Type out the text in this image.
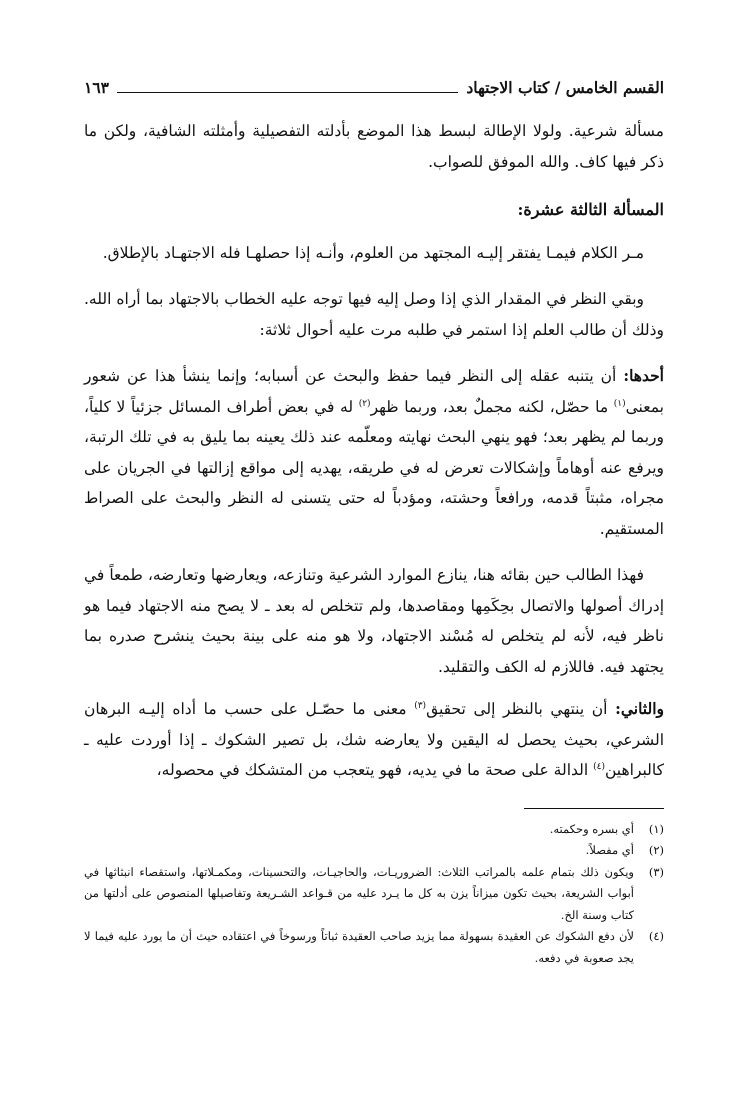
القسم الخامس / كتاب الاجتهاد
١٦٣

مسألة شرعية. ولولا الإطالة لبسط هذا الموضع بأدلته التفصيلية وأمثلته الشافية، ولكن ما ذكر فيها كاف. والله الموفق للصواب.

المسألة الثالثة عشرة:

مـر الكلام فيمـا يفتقر إليـه المجتهد من العلوم، وأنـه إذا حصلهـا فله الاجتهـاد بالإطلاق.

وبقي النظر في المقدار الذي إذا وصل إليه فيها توجه عليه الخطاب بالاجتهاد بما أراه الله. وذلك أن طالب العلم إذا استمر في طلبه مرت عليه أحوال ثلاثة:

أحدها: أن يتنبه عقله إلى النظر فيما حفظ والبحث عن أسبابه؛ وإنما ينشأ هذا عن شعور بمعنى$^{(١)}$ ما حصّل، لكنه مجملٌ بعد، وربما ظهر$^{(٢)}$ له في بعض أطراف المسائل جزئياً لا كلياً، وربما لم يظهر بعد؛ فهو ينهي البحث نهايته ومعلّمه عند ذلك يعينه بما يليق به في تلك الرتبة، ويرفع عنه أوهاماً وإشكالات تعرض له في طريقه، يهديه إلى مواقع إزالتها في الجريان على مجراه، مثبتاً قدمه، ورافعاً وحشته، ومؤدباً له حتى يتسنى له النظر والبحث على الصراط المستقيم.

فهذا الطالب حين بقائه هنا، ينازع الموارد الشرعية وتنازعه، ويعارضها وتعارضه، طمعاً في إدراك أصولها والاتصال بحِكَمِها ومقاصدها، ولم تتخلص له بعد ـ لا يصح منه الاجتهاد فيما هو ناظر فيه، لأنه لم يتخلص له مُسْند الاجتهاد، ولا هو منه على بينة بحيث ينشرح صدره بما يجتهد فيه. فاللازم له الكف والتقليد.

والثاني: أن ينتهي بالنظر إلى تحقيق$^{(٣)}$ معنى ما حصّـل على حسب ما أداه إليـه البرهان الشرعي، بحيث يحصل له اليقين ولا يعارضه شك، بل تصير الشكوك ـ إذا أوردت عليه ـ كالبراهين$^{(٤)}$ الدالة على صحة ما في يديه، فهو يتعجب من المتشكك في محصوله،

(١)
أي بسره وحكمته.
(٢)
أي مفصلاً.
(٣)
ويكون ذلك بتمام علمه بالمراتب الثلاث: الضروريـات، والحاجيـات، والتحسينات، ومكمـلاتها، واستقصاء انبثاثها في أبواب الشريعة، بحيث تكون ميزاناً يزن به كل ما يـرد عليه من قـواعد الشـريعة وتفاصيلها المنصوص على أدلتها من كتاب وسنة الخ.
(٤)
لأن دفع الشكوك عن العقيدة بسهولة مما يزيد صاحب العقيدة ثباتاً ورسوخاً في اعتقاده حيث أن ما يورد عليه فيما لا يجد صعوبة في دفعه.
